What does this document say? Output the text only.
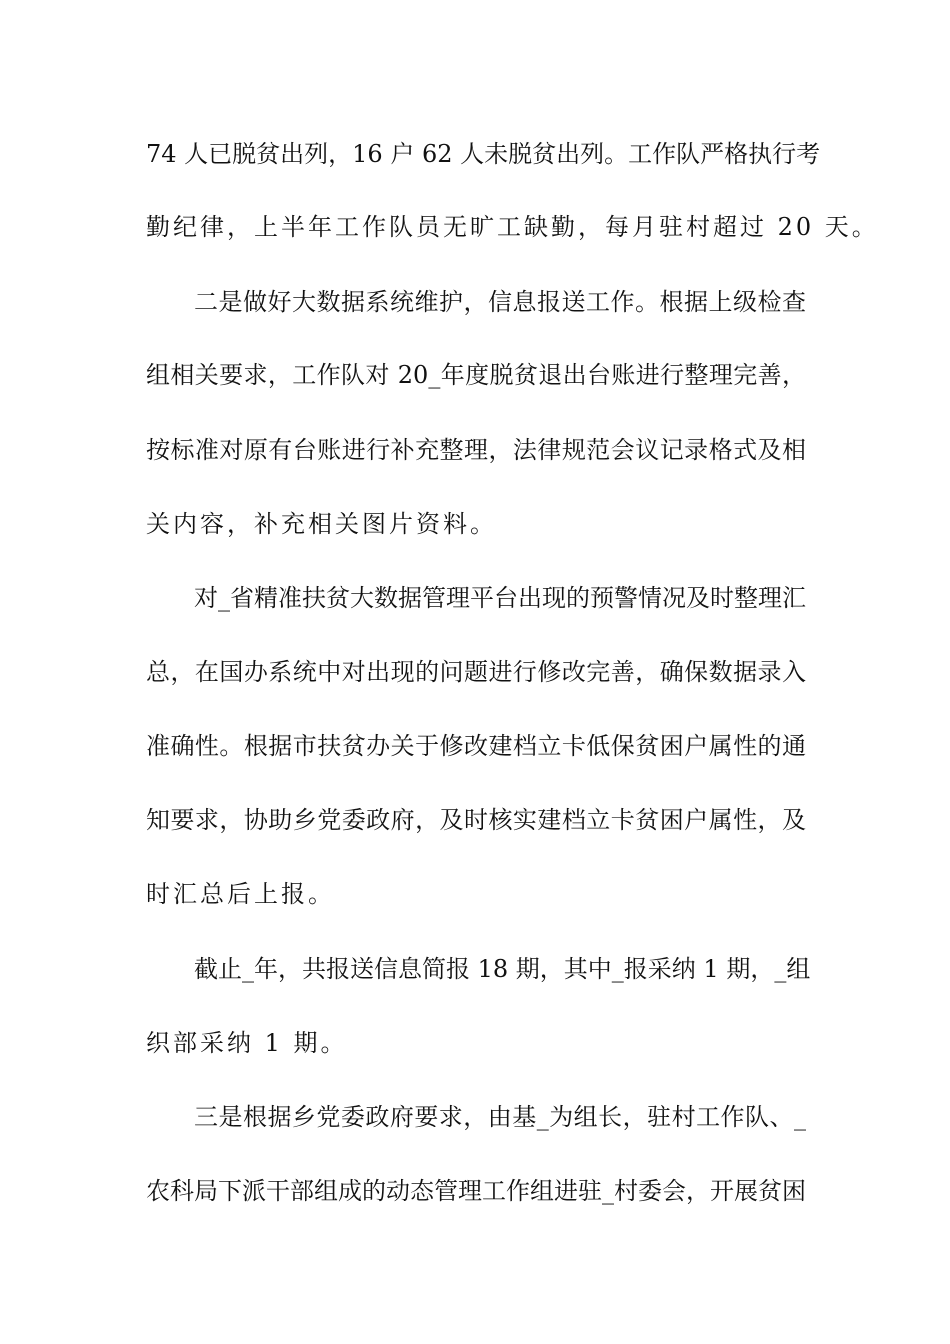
74 人已脱贫出列，16 户 62 人未脱贫出列。工作队严格执行考
勤纪律，上半年工作队员无旷工缺勤，每月驻村超过 20 天。
二是做好大数据系统维护，信息报送工作。根据上级检查
组相关要求，工作队对 20_年度脱贫退出台账进行整理完善，
按标准对原有台账进行补充整理，法律规范会议记录格式及相
关内容，补充相关图片资料。
对_省精准扶贫大数据管理平台出现的预警情况及时整理汇
总，在国办系统中对出现的问题进行修改完善，确保数据录入
准确性。根据市扶贫办关于修改建档立卡低保贫困户属性的通
知要求，协助乡党委政府，及时核实建档立卡贫困户属性，及
时汇总后上报。
截止_年，共报送信息简报 18 期，其中_报采纳 1 期，_组
织部采纳 1 期。
三是根据乡党委政府要求，由基_为组长，驻村工作队、_
农科局下派干部组成的动态管理工作组进驻_村委会，开展贫困
